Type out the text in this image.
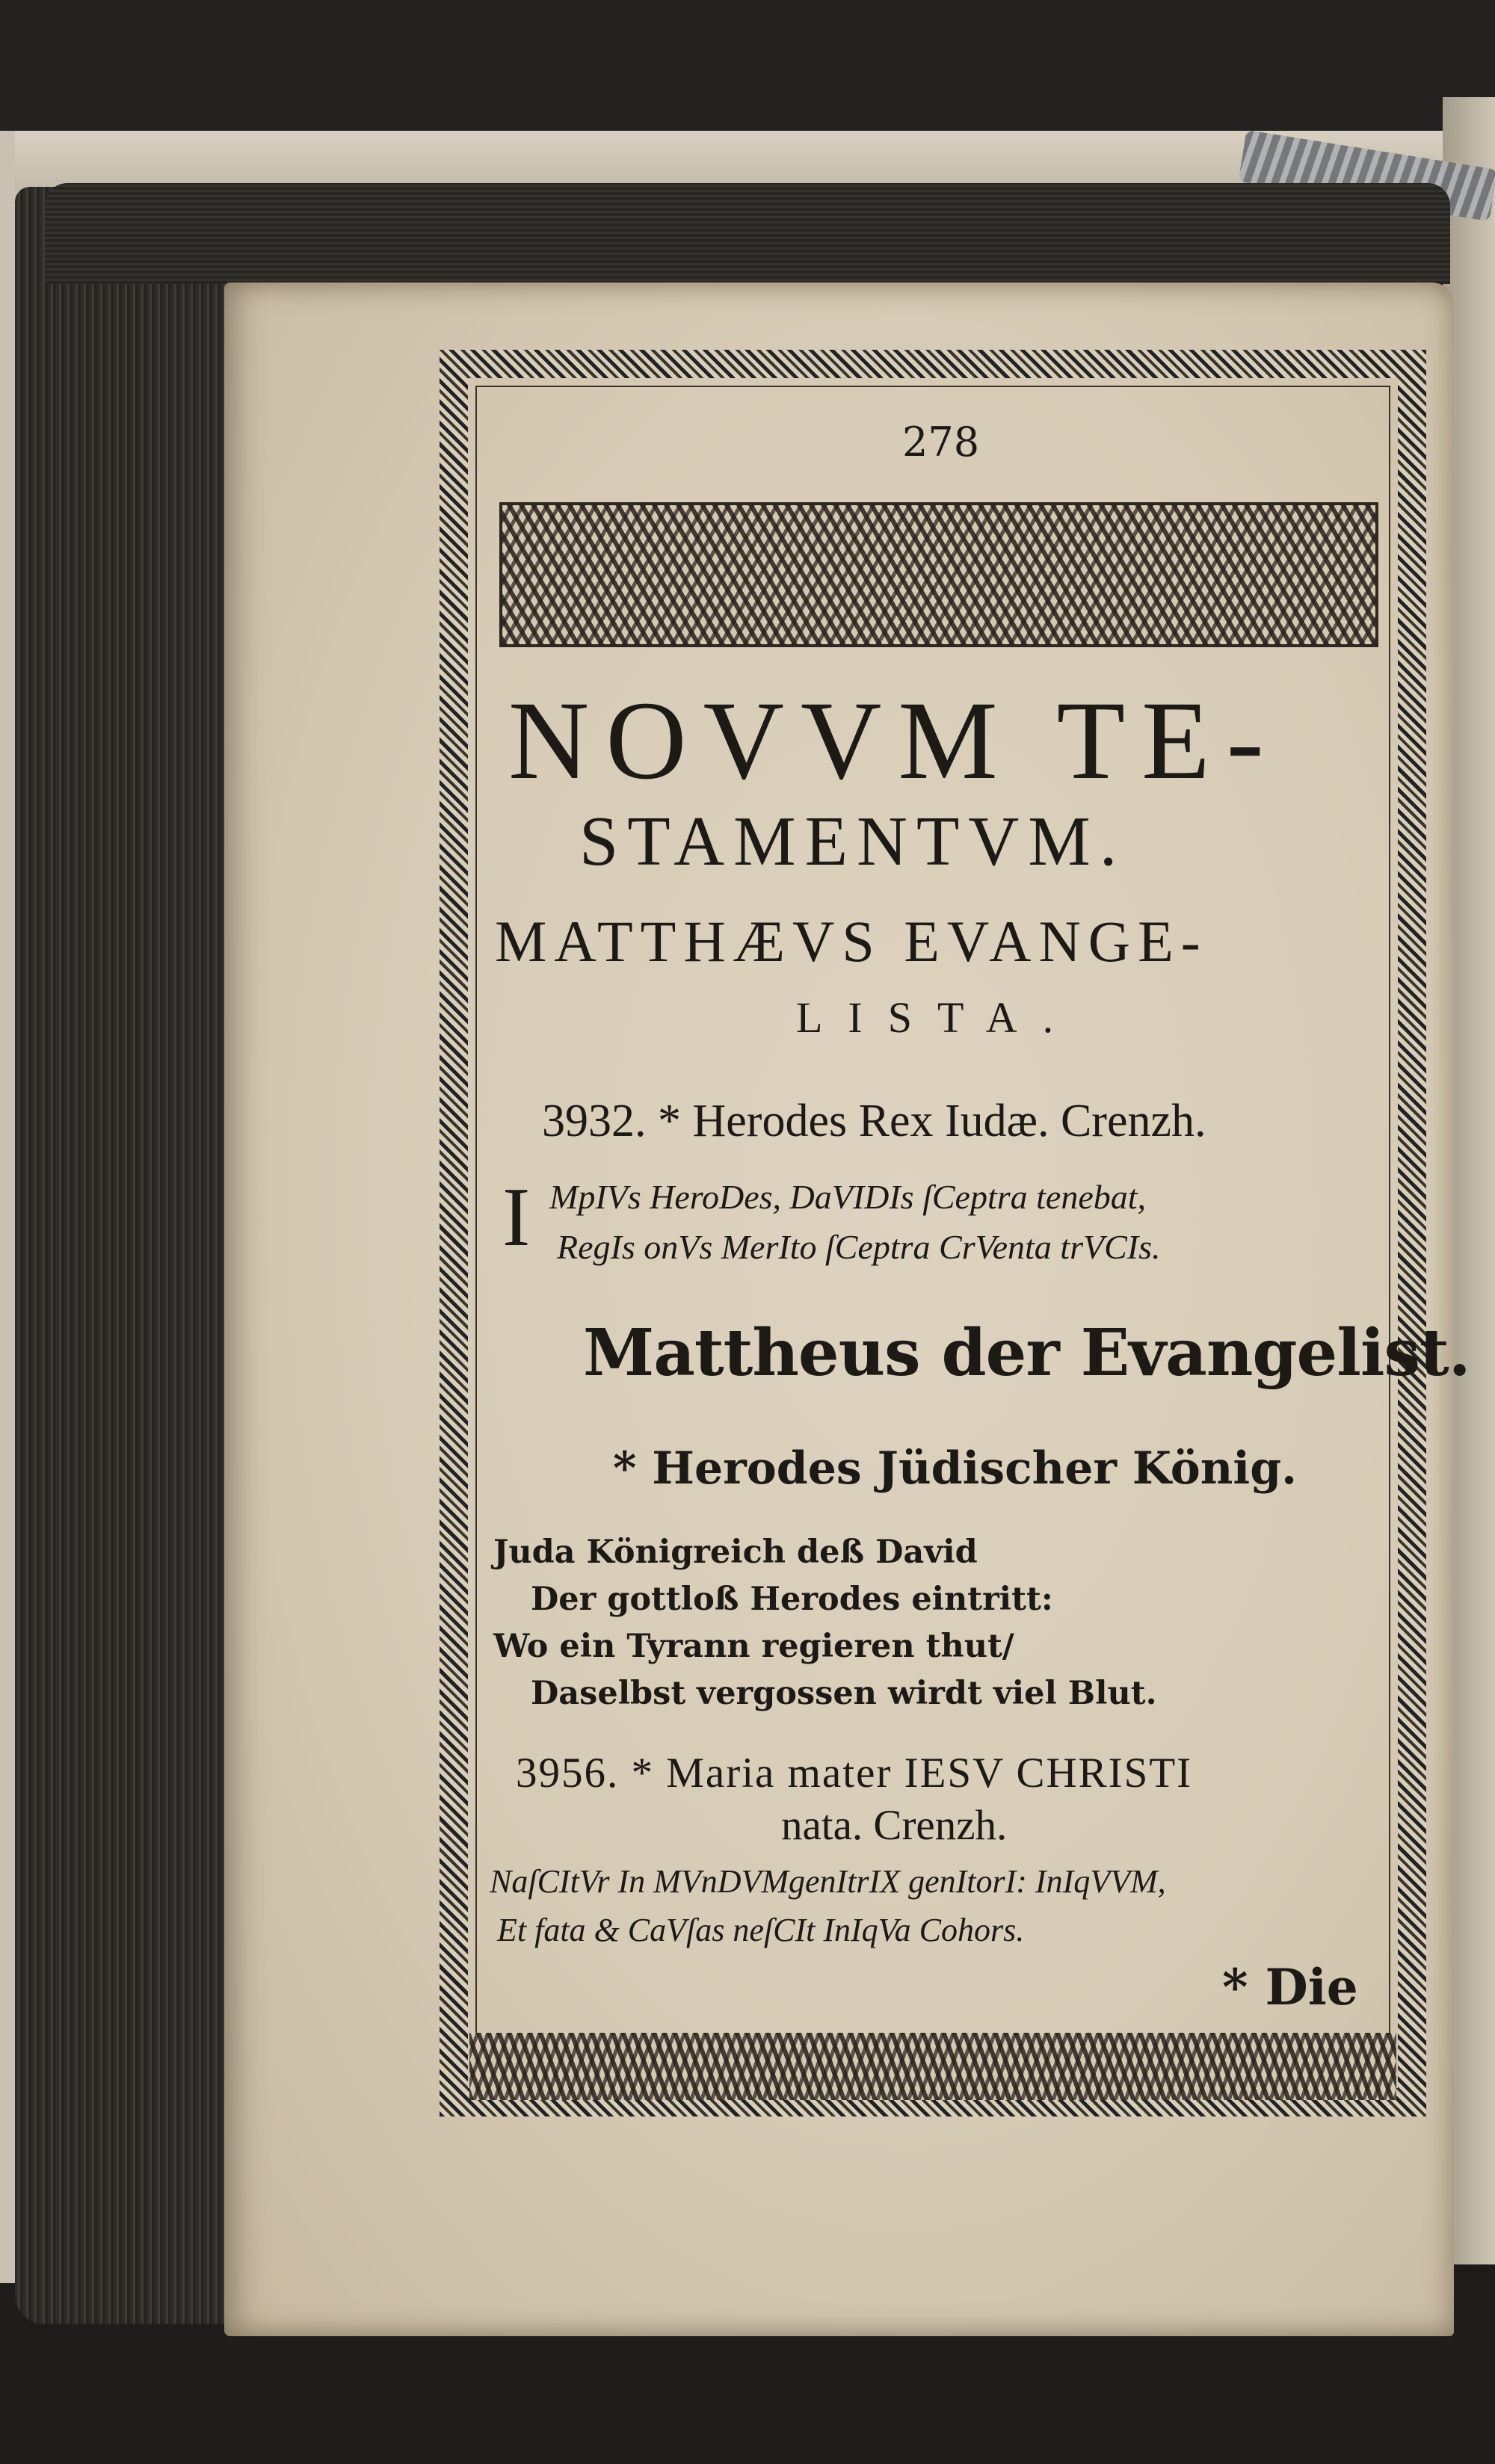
278
NOVVM TE-
STAMENTVM.
MATTHÆVS EVANGE-
LISTA.
3932. * Herodes Rex Iudæ. Crenzh.
I MpIVs HeroDes, DaVIDIs ſCeptra tenebat,
RegIs onVs MerIto ſCeptra CrVenta trVCIs.
Mattheus der Evangelist.
* Herodes Jüdischer König.
Juda Königreich deß David
Der gottloß Herodes eintritt:
Wo ein Tyrann regieren thut/
Daselbst vergossen wirdt viel Blut.
3956. * Maria mater IESV CHRISTI
nata. Crenzh.
NaſCItVr In MVnDVMgenItrIX genItorI: InIqVVM,
Et fata & CaVſas neſCIt InIqVa Cohors.
* Die
